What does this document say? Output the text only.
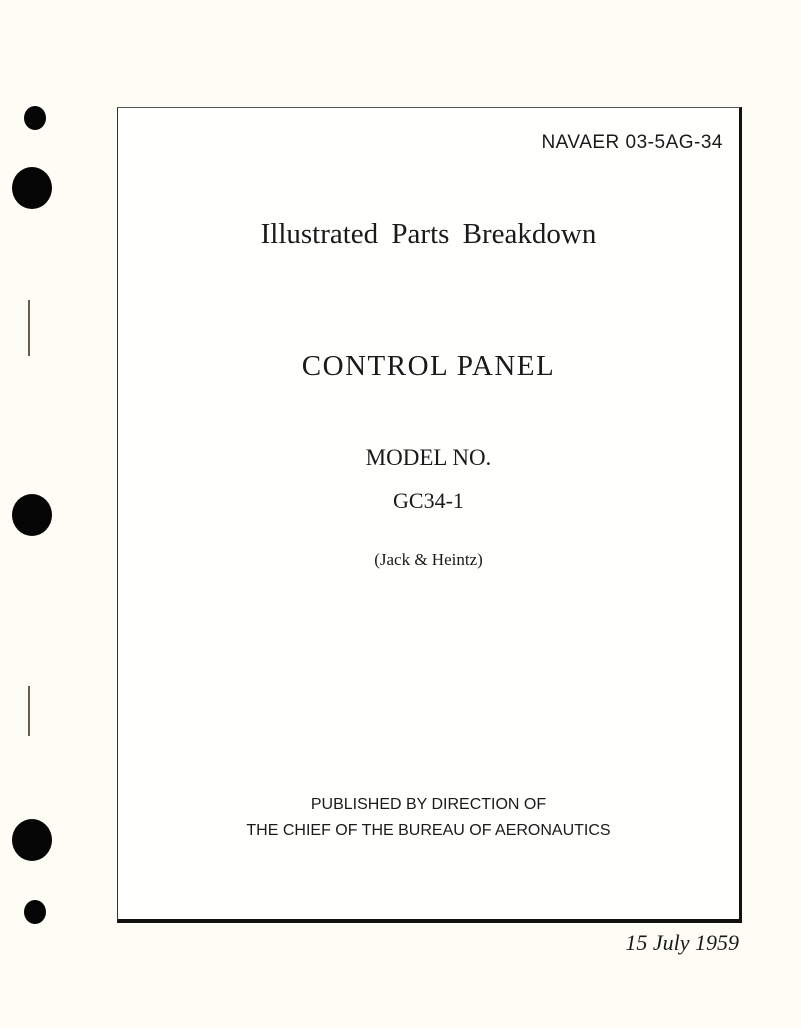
NAVAER 03-5AG-34
Illustrated Parts Breakdown
CONTROL PANEL
MODEL NO.
GC34-1
(Jack & Heintz)
PUBLISHED BY DIRECTION OF
THE CHIEF OF THE BUREAU OF AERONAUTICS
15 July 1959
